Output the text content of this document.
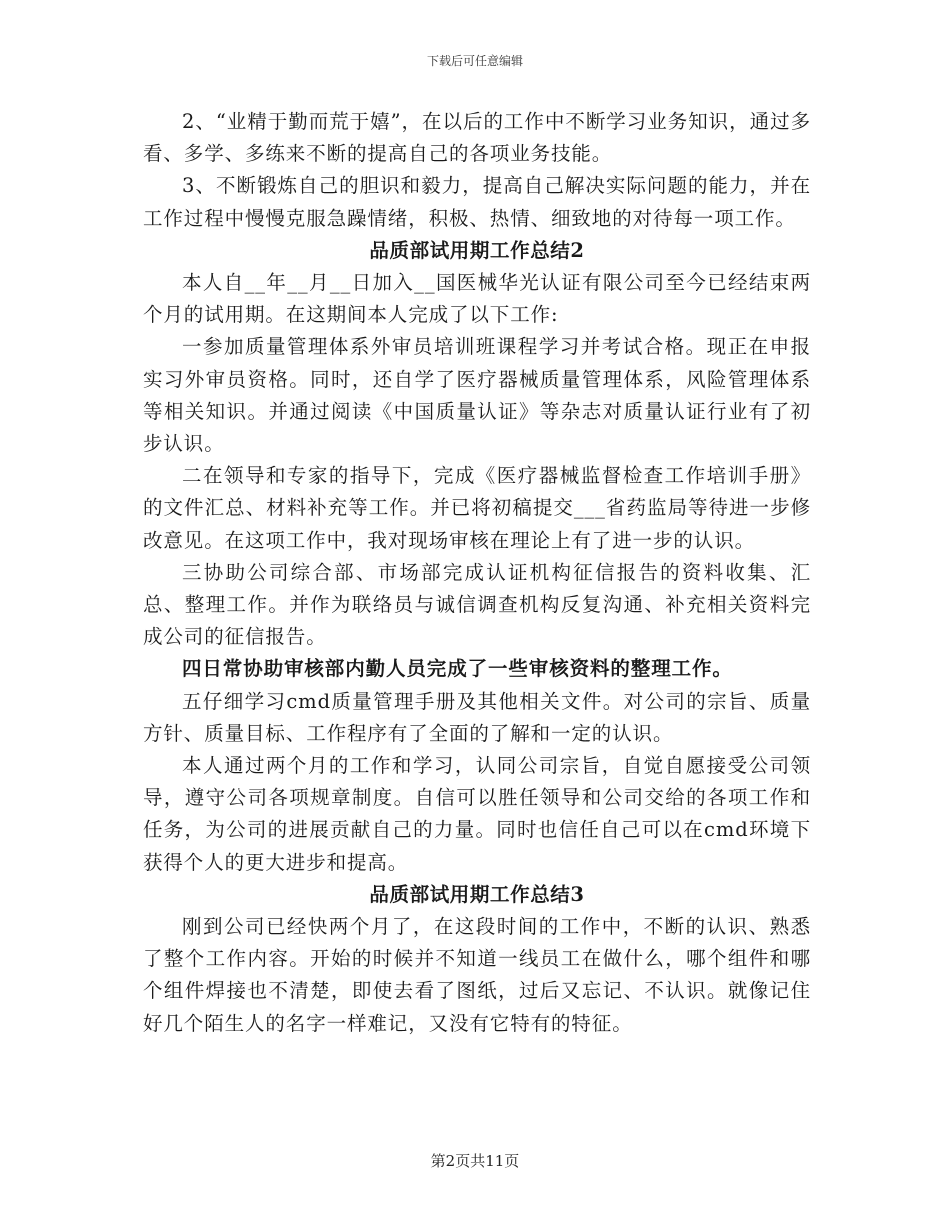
下载后可任意编辑

2、“业精于勤而荒于嬉”，在以后的工作中不断学习业务知识，通过多看、多学、多练来不断的提高自己的各项业务技能。

3、不断锻炼自己的胆识和毅力，提高自己解决实际问题的能力，并在工作过程中慢慢克服急躁情绪，积极、热情、细致地的对待每一项工作。

品质部试用期工作总结2

本人自__年__月__日加入__国医械华光认证有限公司至今已经结束两个月的试用期。在这期间本人完成了以下工作:

一参加质量管理体系外审员培训班课程学习并考试合格。现正在申报实习外审员资格。同时，还自学了医疗器械质量管理体系，风险管理体系等相关知识。并通过阅读《中国质量认证》等杂志对质量认证行业有了初步认识。

二在领导和专家的指导下，完成《医疗器械监督检查工作培训手册》的文件汇总、材料补充等工作。并已将初稿提交___省药监局等待进一步修改意见。在这项工作中，我对现场审核在理论上有了进一步的认识。

三协助公司综合部、市场部完成认证机构征信报告的资料收集、汇总、整理工作。并作为联络员与诚信调查机构反复沟通、补充相关资料完成公司的征信报告。

四日常协助审核部内勤人员完成了一些审核资料的整理工作。

五仔细学习cmd质量管理手册及其他相关文件。对公司的宗旨、质量方针、质量目标、工作程序有了全面的了解和一定的认识。

本人通过两个月的工作和学习，认同公司宗旨，自觉自愿接受公司领导，遵守公司各项规章制度。自信可以胜任领导和公司交给的各项工作和任务，为公司的进展贡献自己的力量。同时也信任自己可以在cmd环境下获得个人的更大进步和提高。

品质部试用期工作总结3

刚到公司已经快两个月了，在这段时间的工作中，不断的认识、熟悉了整个工作内容。开始的时候并不知道一线员工在做什么，哪个组件和哪个组件焊接也不清楚，即使去看了图纸，过后又忘记、不认识。就像记住好几个陌生人的名字一样难记，又没有它特有的特征。

第2页共11页
